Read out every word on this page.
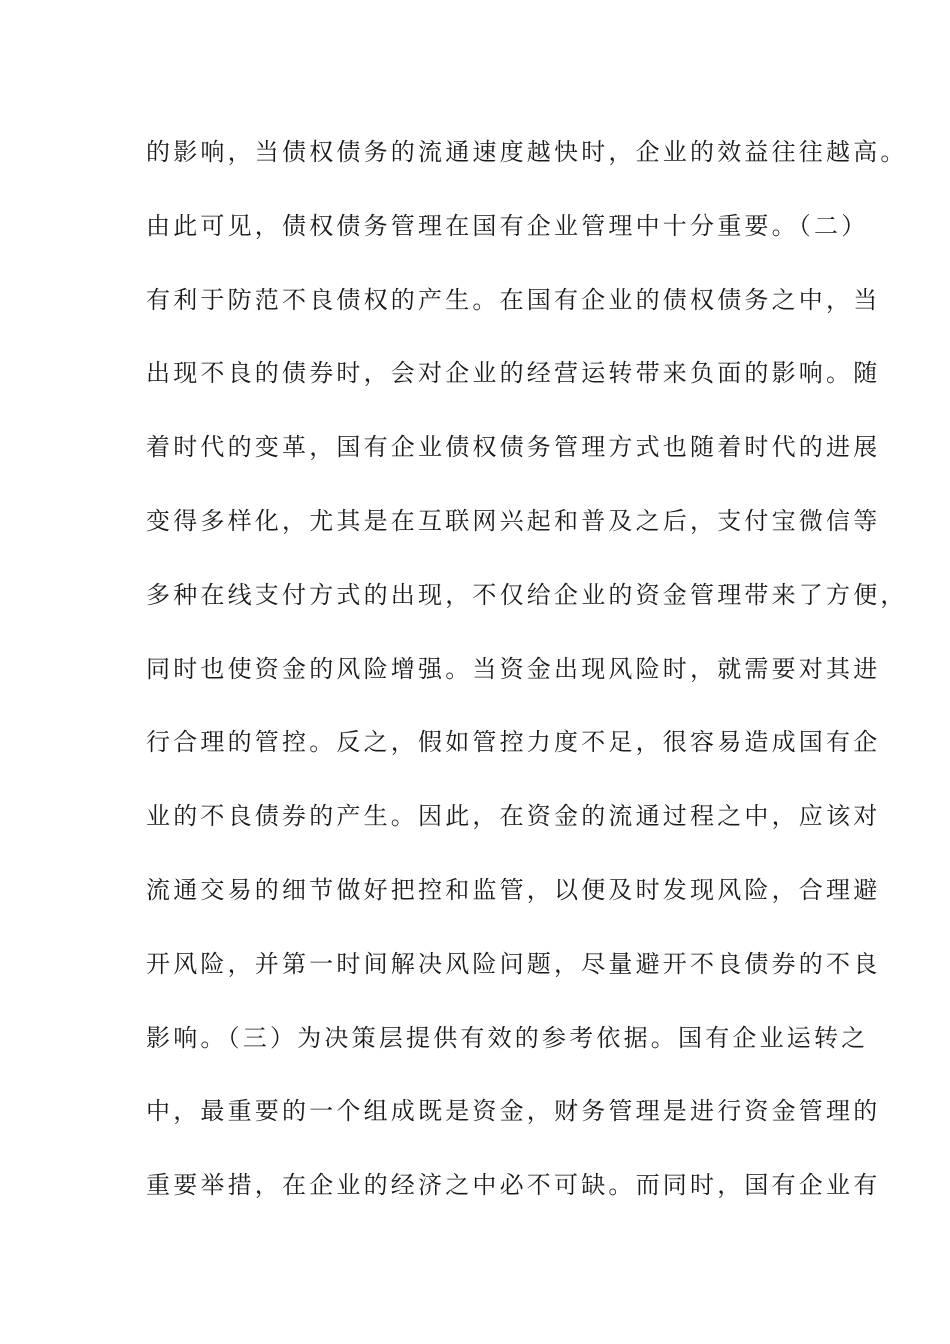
的影响，当债权债务的流通速度越快时，企业的效益往往越高。
由此可见，债权债务管理在国有企业管理中十分重要。（二）
有利于防范不良债权的产生。在国有企业的债权债务之中，当
出现不良的债券时，会对企业的经营运转带来负面的影响。随
着时代的变革，国有企业债权债务管理方式也随着时代的进展
变得多样化，尤其是在互联网兴起和普及之后，支付宝微信等
多种在线支付方式的出现，不仅给企业的资金管理带来了方便，
同时也使资金的风险增强。当资金出现风险时，就需要对其进
行合理的管控。反之，假如管控力度不足，很容易造成国有企
业的不良债券的产生。因此，在资金的流通过程之中，应该对
流通交易的细节做好把控和监管，以便及时发现风险，合理避
开风险，并第一时间解决风险问题，尽量避开不良债券的不良
影响。（三）为决策层提供有效的参考依据。国有企业运转之
中，最重要的一个组成既是资金，财务管理是进行资金管理的
重要举措，在企业的经济之中必不可缺。而同时，国有企业有
